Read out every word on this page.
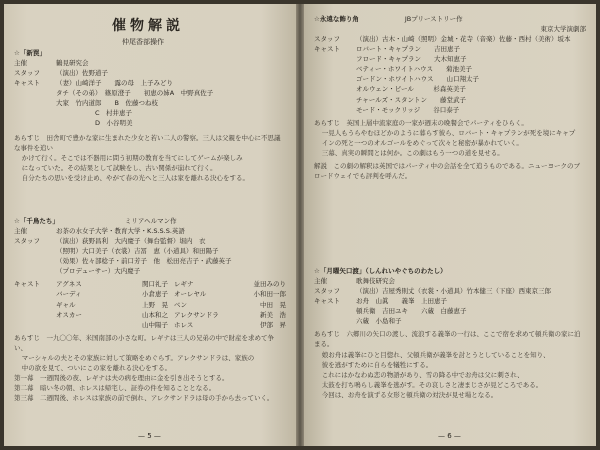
催物解説
仲尾香部操作
☆「新罠」
主催	鶴見研究会
スタッフ	（演出）佐野道子
キャスト	（妻）山崎洋子　　露の母　上子みどり
タチ（その弟）　篠原澄子　　初恵の姉A　中野真佐子
大家　竹内道郎　　B　佐藤つね枝
　　　　　　C　村井恵子
　　　　　　D　小谷明美
あらすじ　田舎町で豊かな家に生まれた少女と若い二人の警察。三人は父親を中心に不思議な事件を追い
かけて行く。そこでは不器用に問う初期の教育を当てにしてゲームが楽しみ
になっていた。その結果として試験をし、古い関係が崩れて行く。
自分たちの思いを受け止め、やがて春の光へと三人は家を離れる決心をする。
☆「千鳥たち」	ミリアヘルマン作
主催	お茶の水女子大学・教育大学・K.S.S.S.英語
スタッフ	（演出）荻野昌利　大内慶子（舞台監督）堀内　衣
（照明）大口美子（衣裳）吉冨　恵（小道具）和田陽子
（効果）佐々部稔子・前口芳子　他　松田亮吉子・武藤英子
（プロデューサー）大内慶子
キャスト	アグネス	関口礼子 レギナ	並田みのり
バーディ	小倉恵子 オーレヤル	小和田一郎
ギャル	上野　晃 ベン	中田　晃
オスカー	山本和之 アレクサンドラ	新美　浩
山中陽子 ホレス	伊部　昇
あらすじ　一九〇〇年、米国南部の小さな町。レギナは三人の兄弟の中で財産を求めて争い、
マーシャルの夫とその家族に対して策略をめぐらす。アレクサンドラは、家族の
中の欲を見て、ついにこの家を離れる決心をする。
第一幕　一週間後の夜、レギナは夫の病を理由に金を引き出そうとする。
第二幕　暗い冬の朝、ホレスは帰宅し、証券の件を知ることとなる。
第三幕　二週間後、ホレスは家族の前で倒れ、アレクサンドラは母の手から去っていく。
— 5 —
☆永遠な飾り角	JBプリーストリー作
東京大学演劇部
スタッフ	（演出）古木・山崎（照明）金城・花寺（音楽）佐藤・西村（美術）坂本
キャスト	ロバート・キャプラン　　吉田恵子
フロード・キャプラン　　大木知恵子
ベティー・ホワイトハウス　　菊池美子
ゴードン・ホワイトハウス　　山口翔太子
オルウェン・ピール　　　杉森英美子
チャールズ・スタントン　　藤堂武子
モード・モックリッジ　　谷口泰子
あらすじ　英国上層中流家庭の一家が週末の晩餐会でパーティをひらく。
一見人もうらやむほどかのように暮らす彼ら、ロバート・キャプランが死を境にキャプ
インの死と一つのオルゴールをめぐって次々と秘密が暴かれていく。
三幕、真実の瞬間とは何か。この劇はもう一つの道を見せる。
解説　この劇の解釈は英国ではパーティ中の会話を全て追うものである。ニューヨークのブロードウェイでも評判を呼んだ。
☆「月曜矢口渡」（しんれいやぐちのわたし）
主催	歌舞伎研究会
スタッフ	（演出）吉屋秀則丈（衣裳・小道具）竹本健三（下座）西東京三郎
キャスト	お舟　山眞　　義峯　上田恵子
頓兵衛　吉田ユキ　　六蔵　白藤恵子
六蔵　小島和子
あらすじ　六郷川の矢口の渡し、流浪する義峯の一行は、ここで宿を求めて頓兵衛の家に泊まる。
娘お舟は義峯にひと目惚れ、父頓兵衛が義峯を討とうとしていることを知り、
彼を逃がすために自らを犠牲にする。
これにはかなわぬ恋の物語があり、雪の降る中でお舟は父に刺され、
太鼓を打ち鳴らし義峯を逃がす。その哀しさと凄まじさが見どころである。
今回は、お舟を演ずる女形と頓兵衛の対決が見せ場となる。
— 6 —
